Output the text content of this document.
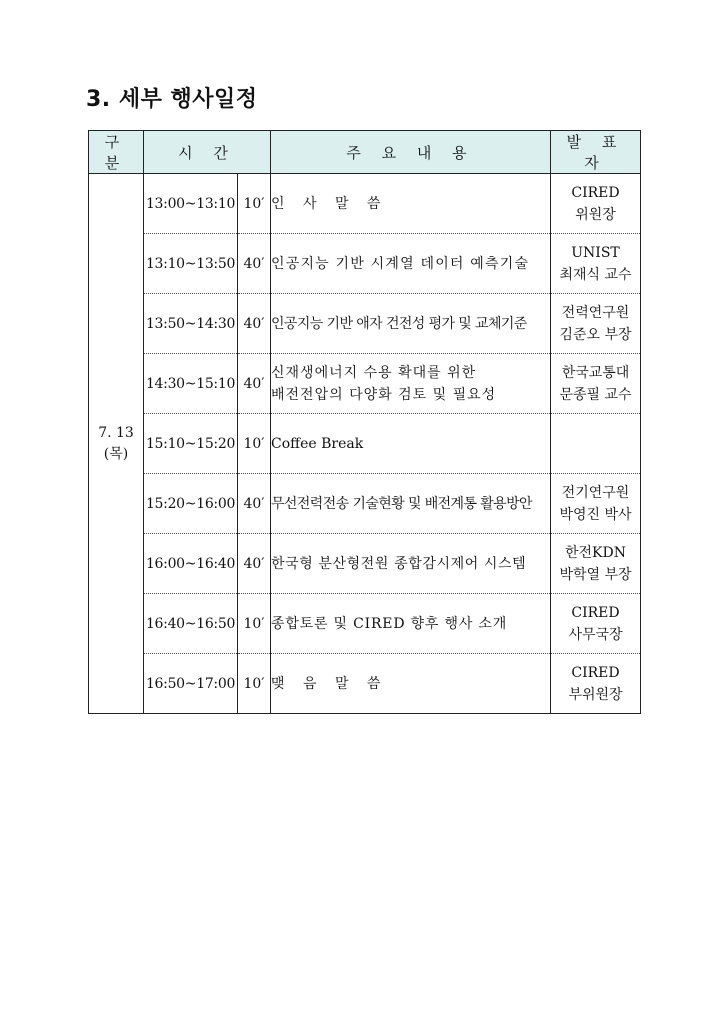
3. 세부 행사일정
구 분	시 간		주 요 내 용	발 표 자

7. 13
(목)	13:00~13:10	10′	인 사 말 씀	CIRED
위원장

	13:10~13:50	40′	인공지능 기반 시계열 데이터 예측기술	UNIST
최재식 교수

	13:50~14:30	40′	인공지능 기반 애자 건전성 평가 및 교체기준	전력연구원
김준오 부장

	14:30~15:10	40′	신재생에너지 수용 확대를 위한
배전전압의 다양화 검토 및 필요성	한국교통대
문종필 교수

	15:10~15:20	10′	Coffee Break	

	15:20~16:00	40′	무선전력전송 기술현황 및 배전계통 활용방안	전기연구원
박영진 박사

	16:00~16:40	40′	한국형 분산형전원 종합감시제어 시스템	한전KDN
박학열 부장

	16:40~16:50	10′	종합토론 및 CIRED 향후 행사 소개	CIRED
사무국장

	16:50~17:00	10′	맺 음 말 씀	CIRED
부위원장
